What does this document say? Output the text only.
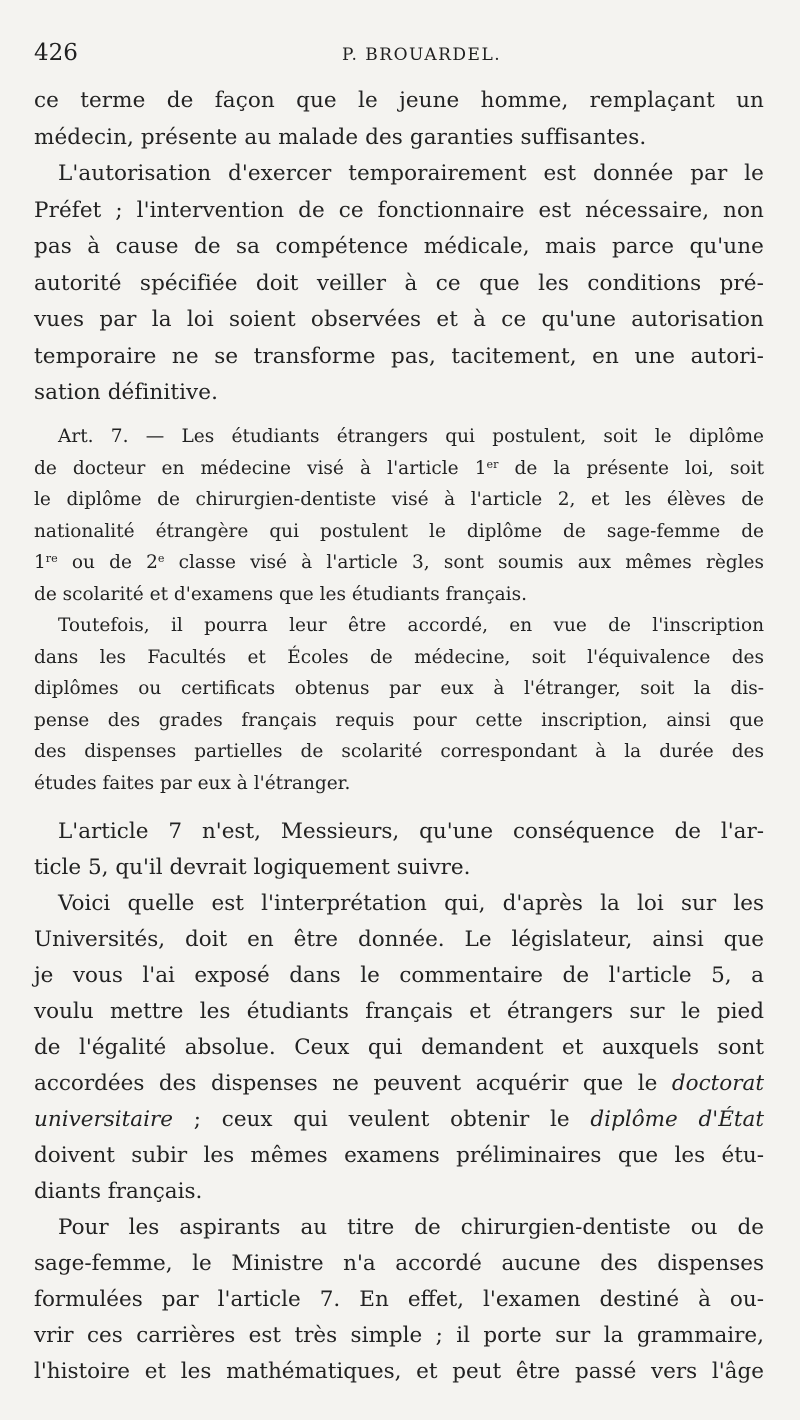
426	P. BROUARDEL.
ce terme de façon que le jeune homme, remplaçant un
médecin, présente au malade des garanties suffisantes.
L'autorisation d'exercer temporairement est donnée par le
Préfet ; l'intervention de ce fonctionnaire est nécessaire, non
pas à cause de sa compétence médicale, mais parce qu'une
autorité spécifiée doit veiller à ce que les conditions pré-
vues par la loi soient observées et à ce qu'une autorisation
temporaire ne se transforme pas, tacitement, en une autori-
sation définitive.
Art. 7. — Les étudiants étrangers qui postulent, soit le diplôme
de docteur en médecine visé à l'article 1er de la présente loi, soit
le diplôme de chirurgien-dentiste visé à l'article 2, et les élèves de
nationalité étrangère qui postulent le diplôme de sage-femme de
1re ou de 2e classe visé à l'article 3, sont soumis aux mêmes règles
de scolarité et d'examens que les étudiants français.
Toutefois, il pourra leur être accordé, en vue de l'inscription
dans les Facultés et Écoles de médecine, soit l'équivalence des
diplômes ou certificats obtenus par eux à l'étranger, soit la dis-
pense des grades français requis pour cette inscription, ainsi que
des dispenses partielles de scolarité correspondant à la durée des
études faites par eux à l'étranger.
L'article 7 n'est, Messieurs, qu'une conséquence de l'ar-
ticle 5, qu'il devrait logiquement suivre.
Voici quelle est l'interprétation qui, d'après la loi sur les
Universités, doit en être donnée. Le législateur, ainsi que
je vous l'ai exposé dans le commentaire de l'article 5, a
voulu mettre les étudiants français et étrangers sur le pied
de l'égalité absolue. Ceux qui demandent et auxquels sont
accordées des dispenses ne peuvent acquérir que le doctorat
universitaire ; ceux qui veulent obtenir le diplôme d'État
doivent subir les mêmes examens préliminaires que les étu-
diants français.
Pour les aspirants au titre de chirurgien-dentiste ou de
sage-femme, le Ministre n'a accordé aucune des dispenses
formulées par l'article 7. En effet, l'examen destiné à ou-
vrir ces carrières est très simple ; il porte sur la grammaire,
l'histoire et les mathématiques, et peut être passé vers l'âge
